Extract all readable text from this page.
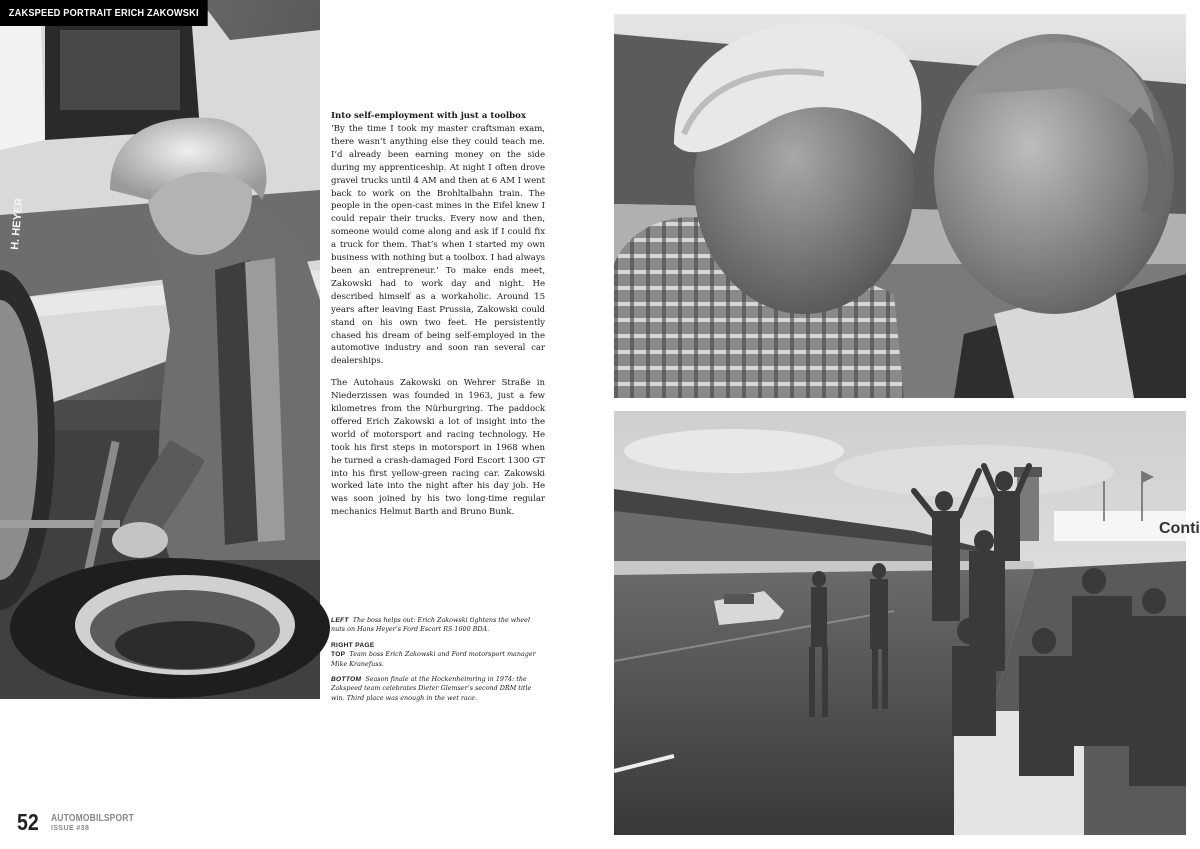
H. HEYER
ZAKSPEED PORTRAIT ERICH ZAKOWSKI
Into self-employment with just a toolbox

‘By the time I took my master craftsman exam, there wasn’t anything else they could teach me. I’d already been earning money on the side during my apprenticeship. At night I often drove gravel trucks until 4 AM and then at 6 AM I went back to work on the Brohltalbahn train. The people in the open-cast mines in the Eifel knew I could repair their trucks. Every now and then, someone would come along and ask if I could fix a truck for them. That’s when I started my own business with nothing but a toolbox. I had always been an entrepreneur.’ To make ends meet, Zakowski had to work day and night. He described himself as a workaholic. Around 15 years after leaving East Prussia, Zakowski could stand on his own two feet. He persistently chased his dream of being self-employed in the automotive industry and soon ran several car dealerships.

The Autohaus Zakowski on Wehrer Straße in Niederzissen was founded in 1963, just a few kilometres from the Nürburgring. The paddock offered Erich Zakowski a lot of insight into the world of motorsport and racing technology. He took his first steps in motorsport in 1968 when he turned a crash-damaged Ford Escort 1300 GT into his first yellow-green racing car. Zakowski worked late into the night after his day job. He was soon joined by his two long-time regular mechanics Helmut Barth and Bruno Bunk.

LEFT The boss helps out: Erich Zakowski tightens the wheel nuts on Hans Heyer’s Ford Escort RS 1600 BDA.
RIGHT PAGE
TOP Team boss Erich Zakowski and Ford motorsport manager Mike Kranefuss.
BOTTOM Season finale at the Hockenheimring in 1974: the Zakspeed team celebrates Dieter Glemser’s second DRM title win. Third place was enough in the wet race.
Conti
52	AUTOMOBILSPORT
ISSUE #38
